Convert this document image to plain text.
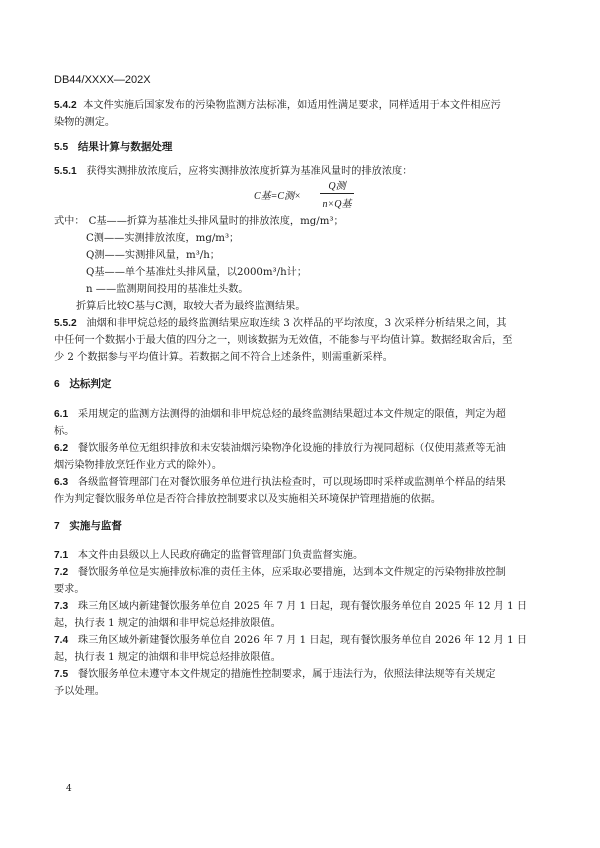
DB44/XXXX—202X
5.4.2 本文件实施后国家发布的污染物监测方法标准，如适用性满足要求，同样适用于本文件相应污
染物的测定。
5.5 结果计算与数据处理
5.5.1 获得实测排放浓度后，应将实测排放浓度折算为基准风量时的排放浓度：
C基=C测×
Q测
n×Q基
式中： C基——折算为基准灶头排风量时的排放浓度，mg/m³；
C测——实测排放浓度，mg/m³；
Q测——实测排风量，m³/h；
Q基——单个基准灶头排风量，以2000m³/h计；
n ——监测期间投用的基准灶头数。
折算后比较C基与C测，取较大者为最终监测结果。
5.5.2 油烟和非甲烷总烃的最终监测结果应取连续 3 次样品的平均浓度，3 次采样分析结果之间，其
中任何一个数据小于最大值的四分之一，则该数据为无效值，不能参与平均值计算。数据经取舍后，至
少 2 个数据参与平均值计算。若数据之间不符合上述条件，则需重新采样。
6 达标判定
6.1 采用规定的监测方法测得的油烟和非甲烷总烃的最终监测结果超过本文件规定的限值，判定为超
标。
6.2 餐饮服务单位无组织排放和未安装油烟污染物净化设施的排放行为视同超标（仅使用蒸煮等无油
烟污染物排放烹饪作业方式的除外）。
6.3 各级监督管理部门在对餐饮服务单位进行执法检查时，可以现场即时采样或监测单个样品的结果
作为判定餐饮服务单位是否符合排放控制要求以及实施相关环境保护管理措施的依据。
7 实施与监督
7.1 本文件由县级以上人民政府确定的监督管理部门负责监督实施。
7.2 餐饮服务单位是实施排放标准的责任主体，应采取必要措施，达到本文件规定的污染物排放控制
要求。
7.3 珠三角区域内新建餐饮服务单位自 2025 年 7 月 1 日起，现有餐饮服务单位自 2025 年 12 月 1 日
起，执行表 1 规定的油烟和非甲烷总烃排放限值。
7.4 珠三角区域外新建餐饮服务单位自 2026 年 7 月 1 日起，现有餐饮服务单位自 2026 年 12 月 1 日
起，执行表 1 规定的油烟和非甲烷总烃排放限值。
7.5 餐饮服务单位未遵守本文件规定的措施性控制要求，属于违法行为，依照法律法规等有关规定
予以处理。
4
